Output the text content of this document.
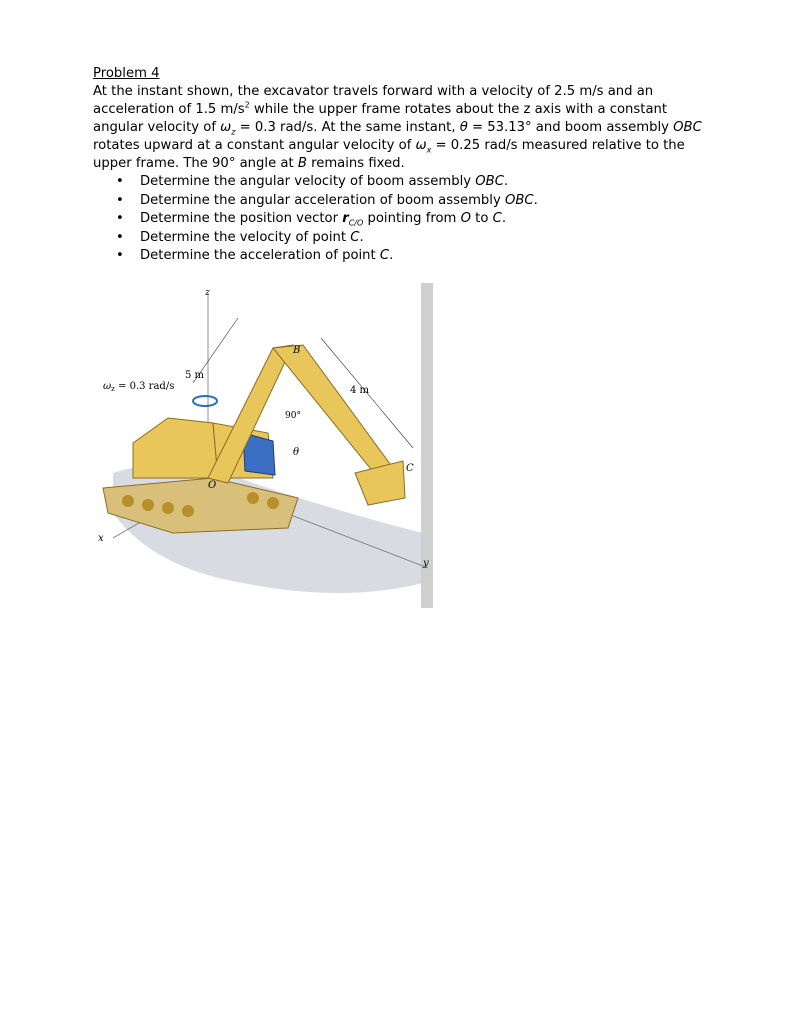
Problem 4

At the instant shown, the excavator travels forward with a velocity of 2.5 m/s and an acceleration of 1.5 $m/s^2$ while the upper frame rotates about the z axis with a constant angular velocity of $\omega_z = 0.3$ rad/s. At the same instant, θ = 53.13° and boom assembly OBC rotates upward at a constant angular velocity of $\omega_x = 0.25$ rad/s measured relative to the upper frame. The 90° angle at B remains fixed.

• Determine the angular velocity of boom assembly OBC.
• Determine the angular acceleration of boom assembly OBC.
• Determine the position vector $r_{C/O}$ pointing from O to C.
• Determine the velocity of point C.
• Determine the acceleration of point C.
$\omega_z = 0.3$ rad/s
5 m
4 m
90°
θ
B
C
O
z
x
y
